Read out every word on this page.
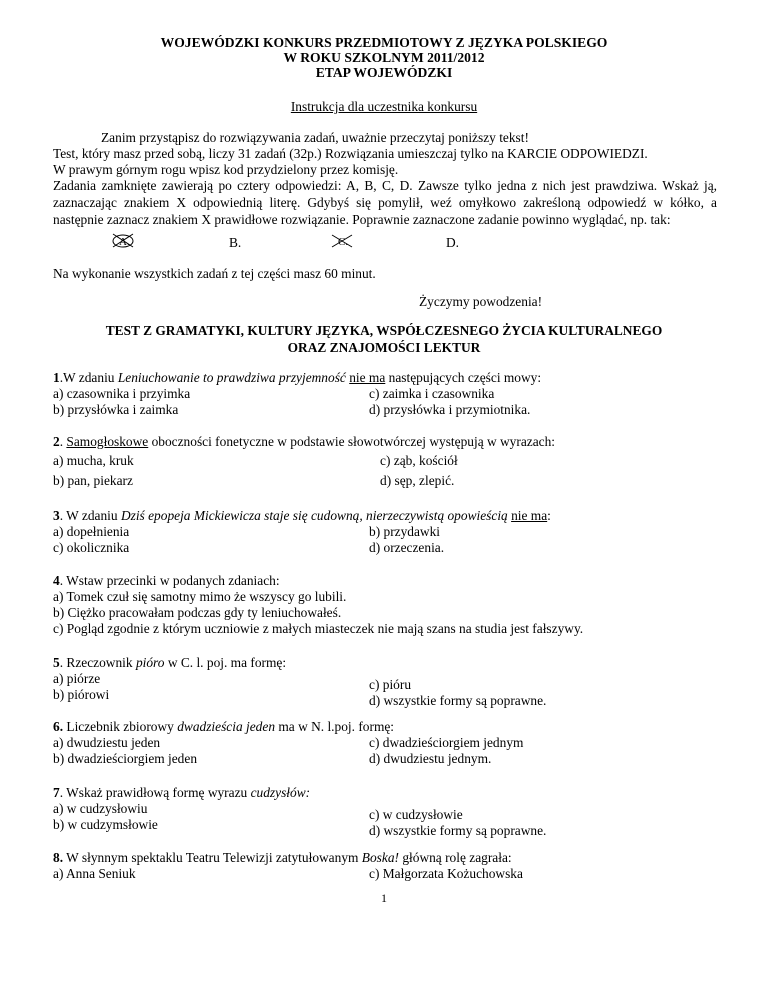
WOJEWÓDZKI KONKURS PRZEDMIOTOWY Z JĘZYKA POLSKIEGO
W ROKU SZKOLNYM 2011/2012
ETAP WOJEWÓDZKI
Instrukcja dla uczestnika konkursu
Zanim przystąpisz do rozwiązywania zadań, uważnie przeczytaj poniższy tekst!
Test, który masz przed sobą, liczy 31 zadań (32p.) Rozwiązania umieszczaj tylko na KARCIE ODPOWIEDZI.
W prawym górnym rogu wpisz kod przydzielony przez komisję.
Zadania zamknięte zawierają po cztery odpowiedzi: A, B, C, D. Zawsze tylko jedna z nich jest prawdziwa. Wskaż ją, zaznaczając znakiem X odpowiednią literę. Gdybyś się pomylił, weź omyłkowo zakreśloną odpowiedź w kółko, a następnie zaznacz znakiem X prawidłowe rozwiązanie. Poprawnie zaznaczone zadanie powinno wyglądać, np. tak:
A.	B.	C.	D.
Na wykonanie wszystkich zadań z tej części masz 60 minut.
Życzymy powodzenia!
TEST Z GRAMATYKI, KULTURY JĘZYKA, WSPÓŁCZESNEGO ŻYCIA KULTURALNEGO
ORAZ ZNAJOMOŚCI LEKTUR
1.W zdaniu Leniuchowanie to prawdziwa przyjemność nie ma następujących części mowy:
a) czasownika i przyimka	c) zaimka i czasownika
b) przysłówka i zaimka	d) przysłówka i przymiotnika.
2. Samogłoskowe oboczności fonetyczne w podstawie słowotwórczej występują w wyrazach:
a) mucha, kruk	c) ząb, kościół
b) pan, piekarz	d) sęp, zlepić.
3. W zdaniu Dziś epopeja Mickiewicza staje się cudowną, nierzeczywistą opowieścią nie ma:
a) dopełnienia	b) przydawki
c) okolicznika	d) orzeczenia.
4. Wstaw przecinki w podanych zdaniach:
a) Tomek czuł się samotny mimo że wszyscy go lubili.
b) Ciężko pracowałam podczas gdy ty leniuchowałeś.
c) Pogląd zgodnie z którym uczniowie z małych miasteczek nie mają szans na studia jest fałszywy.
5. Rzeczownik pióro w C. l. poj. ma formę:
a) piórze	c) pióru
b) piórowi	d) wszystkie formy są poprawne.
6. Liczebnik zbiorowy dwadzieścia jeden ma w N. l.poj. formę:
a) dwudziestu jeden	c) dwadzieściorgiem jednym
b) dwadzieściorgiem jeden	d) dwudziestu jednym.
7. Wskaż prawidłową formę wyrazu cudzysłów:
a) w cudzysłowiu	c) w cudzysłowie
b) w cudzymsłowie	d) wszystkie formy są poprawne.
8. W słynnym spektaklu Teatru Telewizji zatytułowanym Boska! główną rolę zagrała:
a) Anna Seniuk	c) Małgorzata Kożuchowska
1
